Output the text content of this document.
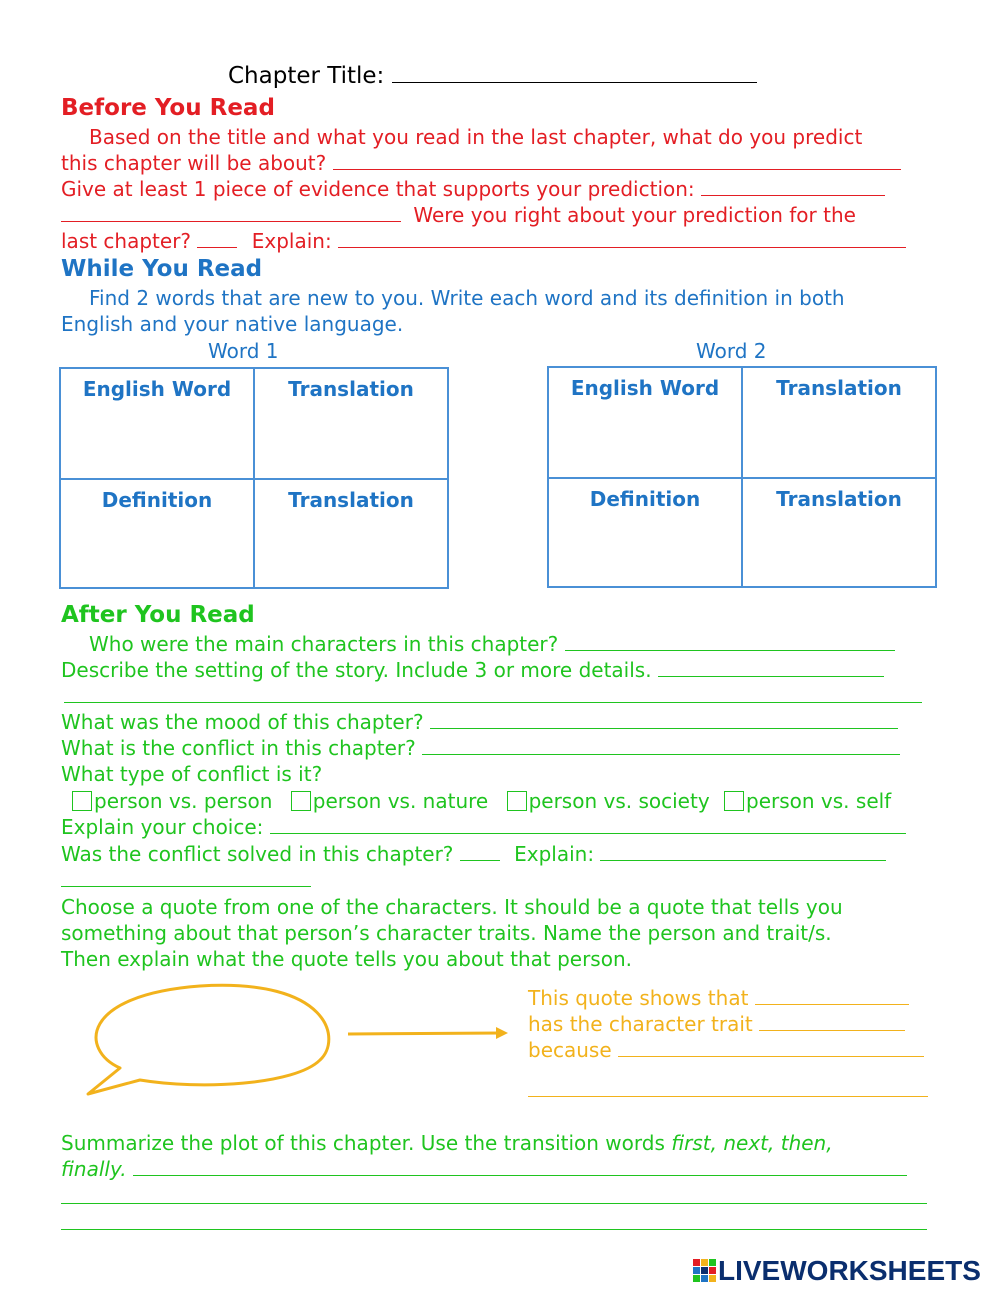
Chapter Title:
Before You Read
Based on the title and what you read in the last chapter, what do you predict
this chapter will be about?
Give at least 1 piece of evidence that supports your prediction:
Were you right about your prediction for the
last chapter?	Explain:
While You Read
Find 2 words that are new to you. Write each word and its definition in both
English and your native language.
Word 1	Word 2
English Word	Translation
Definition	Translation
English Word	Translation
Definition	Translation
After You Read
Who were the main characters in this chapter?
Describe the setting of the story. Include 3 or more details.
What was the mood of this chapter?
What is the conflict in this chapter?
What type of conflict is it?
person vs. person person vs. nature person vs. society person vs. self
Explain your choice:
Was the conflict solved in this chapter?	Explain:
Choose a quote from one of the characters. It should be a quote that tells you
something about that person’s character traits. Name the person and trait/s.
Then explain what the quote tells you about that person.
This quote shows that
has the character trait
because
Summarize the plot of this chapter. Use the transition words first, next, then,
finally.
LIVEWORKSHEETS
